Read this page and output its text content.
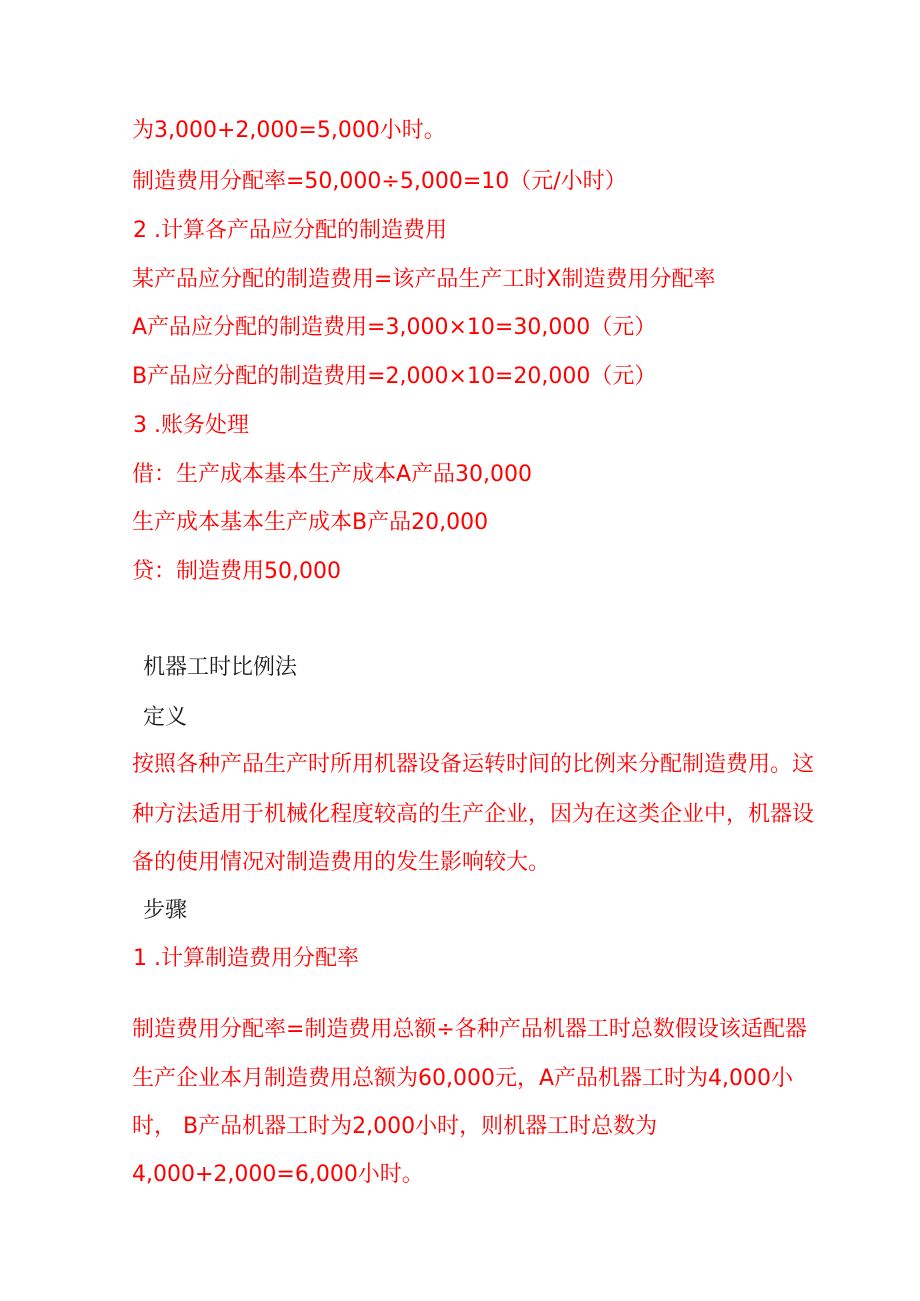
为3,000+2,000=5,000小时。

制造费用分配率=50,000÷5,000=10（元/小时）

2 .计算各产品应分配的制造费用

某产品应分配的制造费用=该产品生产工时X制造费用分配率

A产品应分配的制造费用=3,000×10=30,000（元）

B产品应分配的制造费用=2,000×10=20,000（元）

3 .账务处理

借：生产成本基本生产成本A产品30,000

生产成本基本生产成本B产品20,000

贷：制造费用50,000

机器工时比例法

定义

按照各种产品生产时所用机器设备运转时间的比例来分配制造费用。这

种方法适用于机械化程度较高的生产企业，因为在这类企业中，机器设

备的使用情况对制造费用的发生影响较大。

步骤

1 .计算制造费用分配率

制造费用分配率=制造费用总额÷各种产品机器工时总数假设该适配器

生产企业本月制造费用总额为60,000元，A产品机器工时为4,000小

时， B产品机器工时为2,000小时，则机器工时总数为

4,000+2,000=6,000小时。
